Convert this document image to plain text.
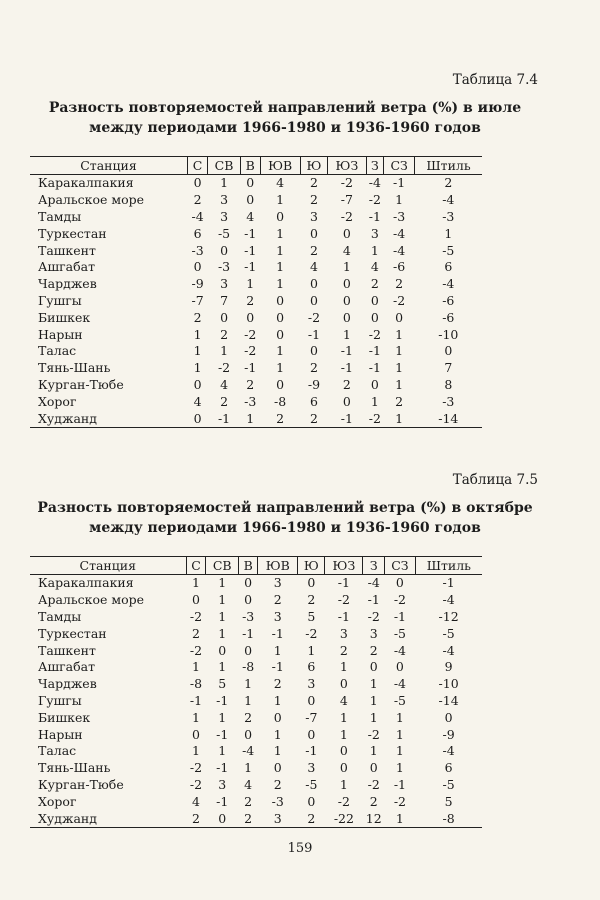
Таблица 7.4
Разность повторяемостей направлений ветра (%) в июле
между периодами 1966-1980 и 1936-1960 годов
Станция	С	СВ	В	ЮВ	Ю	ЮЗ	З	СЗ	Штиль
Каракалпакия	0	1	0	4	2	-2	-4	-1	2
Аральское море	2	3	0	1	2	-7	-2	1	-4
Тамды	-4	3	4	0	3	-2	-1	-3	-3
Туркестан	6	-5	-1	1	0	0	3	-4	1
Ташкент	-3	0	-1	1	2	4	1	-4	-5
Ашгабат	0	-3	-1	1	4	1	4	-6	6
Чарджев	-9	3	1	1	0	0	2	2	-4
Гушгы	-7	7	2	0	0	0	0	-2	-6
Бишкек	2	0	0	0	-2	0	0	0	-6
Нарын	1	2	-2	0	-1	1	-2	1	-10
Талас	1	1	-2	1	0	-1	-1	1	0
Тянь-Шань	1	-2	-1	1	2	-1	-1	1	7
Курган-Тюбе	0	4	2	0	-9	2	0	1	8
Хорог	4	2	-3	-8	6	0	1	2	-3
Худжанд	0	-1	1	2	2	-1	-2	1	-14
Таблица 7.5
Разность повторяемостей направлений ветра (%) в октябре
между периодами 1966-1980 и 1936-1960 годов
Станция	С	СВ	В	ЮВ	Ю	ЮЗ	З	СЗ	Штиль
Каракалпакия	1	1	0	3	0	-1	-4	0	-1
Аральское море	0	1	0	2	2	-2	-1	-2	-4
Тамды	-2	1	-3	3	5	-1	-2	-1	-12
Туркестан	2	1	-1	-1	-2	3	3	-5	-5
Ташкент	-2	0	0	1	1	2	2	-4	-4
Ашгабат	1	1	-8	-1	6	1	0	0	9
Чарджев	-8	5	1	2	3	0	1	-4	-10
Гушгы	-1	-1	1	1	0	4	1	-5	-14
Бишкек	1	1	2	0	-7	1	1	1	0
Нарын	0	-1	0	1	0	1	-2	1	-9
Талас	1	1	-4	1	-1	0	1	1	-4
Тянь-Шань	-2	-1	1	0	3	0	0	1	6
Курган-Тюбе	-2	3	4	2	-5	1	-2	-1	-5
Хорог	4	-1	2	-3	0	-2	2	-2	5
Худжанд	2	0	2	3	2	-22	12	1	-8
159
